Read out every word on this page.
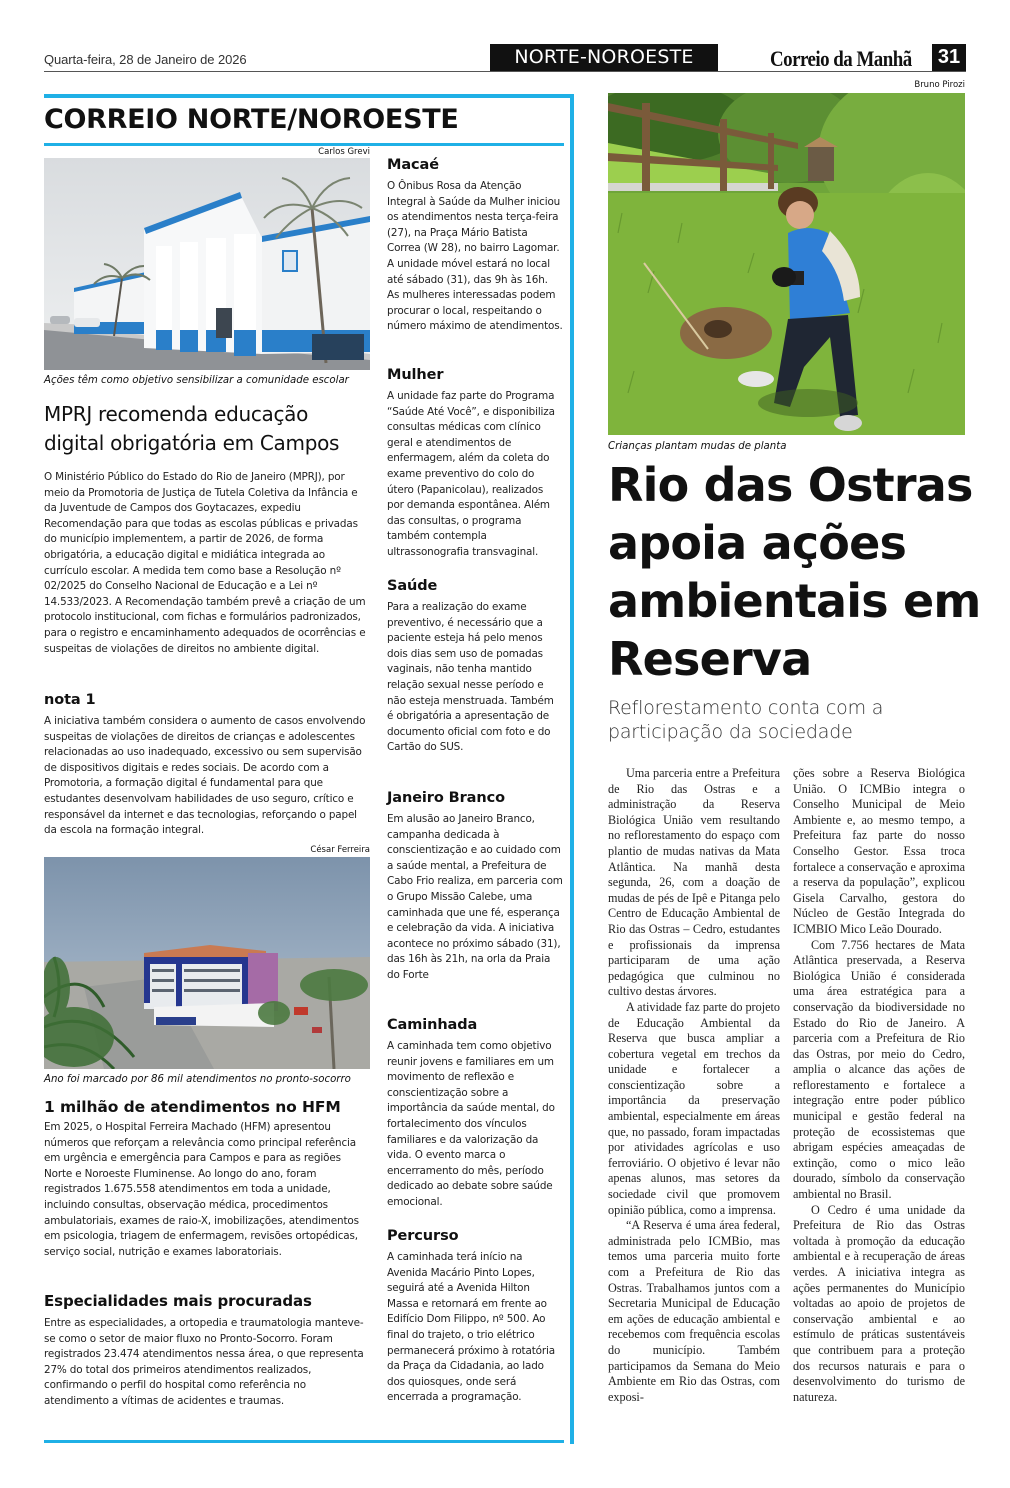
Quarta-feira, 28 de Janeiro de 2026	NORTE-NOROESTE	Correio da Manhã 31
CORREIO NORTE/NOROESTE
Carlos Grevi
Ações têm como objetivo sensibilizar a comunidade escolar
MPRJ recomenda educação digital obrigatória em Campos
O Ministério Público do Estado do Rio de Janeiro (MPRJ), por meio da Promotoria de Justiça de Tutela Coletiva da Infância e da Juventude de Campos dos Goytacazes, expediu Recomendação para que todas as escolas públicas e privadas do município implementem, a partir de 2026, de forma obrigatória, a educação digital e midiática integrada ao currículo escolar. A medida tem como base a Resolução nº 02/2025 do Conselho Nacional de Educação e a Lei nº 14.533/2023. A Recomendação também prevê a criação de um protocolo institucional, com fichas e formulários padronizados, para o registro e encaminhamento adequados de ocorrências e suspeitas de violações de direitos no ambiente digital.
nota 1
A iniciativa também considera o aumento de casos envolvendo suspeitas de violações de direitos de crianças e adolescentes relacionadas ao uso inadequado, excessivo ou sem supervisão de dispositivos digitais e redes sociais. De acordo com a Promotoria, a formação digital é fundamental para que estudantes desenvolvam habilidades de uso seguro, crítico e responsável da internet e das tecnologias, reforçando o papel da escola na formação integral.
César Ferreira
Ano foi marcado por 86 mil atendimentos no pronto-socorro
1 milhão de atendimentos no HFM
Em 2025, o Hospital Ferreira Machado (HFM) apresentou números que reforçam a relevância como principal referência em urgência e emergência para Campos e para as regiões Norte e Noroeste Fluminense. Ao longo do ano, foram registrados 1.675.558 atendimentos em toda a unidade, incluindo consultas, observação médica, procedimentos ambulatoriais, exames de raio-X, imobilizações, atendimentos em psicologia, triagem de enfermagem, revisões ortopédicas, serviço social, nutrição e exames laboratoriais.
Especialidades mais procuradas
Entre as especialidades, a ortopedia e traumatologia manteve-se como o setor de maior fluxo no Pronto-Socorro. Foram registrados 23.474 atendimentos nessa área, o que representa 27% do total dos primeiros atendimentos realizados, confirmando o perfil do hospital como referência no atendimento a vítimas de acidentes e traumas.
Macaé
O Ônibus Rosa da Atenção Integral à Saúde da Mulher iniciou os atendimentos nesta terça-feira (27), na Praça Mário Batista Correa (W 28), no bairro Lagomar. A unidade móvel estará no local até sábado (31), das 9h às 16h. As mulheres interessadas podem procurar o local, respeitando o número máximo de atendimentos.
Mulher
A unidade faz parte do Programa “Saúde Até Você”, e disponibiliza consultas médicas com clínico geral e atendimentos de enfermagem, além da coleta do exame preventivo do colo do útero (Papanicolau), realizados por demanda espontânea. Além das consultas, o programa também contempla ultrassonografia transvaginal.
Saúde
Para a realização do exame preventivo, é necessário que a paciente esteja há pelo menos dois dias sem uso de pomadas vaginais, não tenha mantido relação sexual nesse período e não esteja menstruada. Também é obrigatória a apresentação de documento oficial com foto e do Cartão do SUS.
Janeiro Branco
Em alusão ao Janeiro Branco, campanha dedicada à conscientização e ao cuidado com a saúde mental, a Prefeitura de Cabo Frio realiza, em parceria com o Grupo Missão Calebe, uma caminhada que une fé, esperança e celebração da vida. A iniciativa acontece no próximo sábado (31), das 16h às 21h, na orla da Praia do Forte
Caminhada
A caminhada tem como objetivo reunir jovens e familiares em um movimento de reflexão e conscientização sobre a importância da saúde mental, do fortalecimento dos vínculos familiares e da valorização da vida. O evento marca o encerramento do mês, período dedicado ao debate sobre saúde emocional.
Percurso
A caminhada terá início na Avenida Macário Pinto Lopes, seguirá até a Avenida Hilton Massa e retornará em frente ao Edifício Dom Filippo, nº 500. Ao final do trajeto, o trio elétrico permanecerá próximo à rotatória da Praça da Cidadania, ao lado dos quiosques, onde será encerrada a programação.
Bruno Pirozi
Crianças plantam mudas de planta
Rio das Ostras apoia ações ambientais em Reserva
Reflorestamento conta com a participação da sociedade

Uma parceria entre a Prefeitura de Rio das Ostras e a administração da Reserva Biológica União vem resultando no reflorestamento do espaço com plantio de mudas nativas da Mata Atlântica. Na manhã desta segunda, 26, com a doação de mudas de pés de Ipê e Pitanga pelo Centro de Educação Ambiental de Rio das Ostras – Cedro, estudantes e profissionais da imprensa participaram de uma ação pedagógica que culminou no cultivo destas árvores.

A atividade faz parte do projeto de Educação Ambiental da Reserva que busca ampliar a cobertura vegetal em trechos da unidade e fortalecer a conscientização sobre a importância da preservação ambiental, especialmente em áreas que, no passado, foram impactadas por atividades agrícolas e uso ferroviário. O objetivo é levar não apenas alunos, mas setores da sociedade civil que promovem opinião pública, como a imprensa.

“A Reserva é uma área federal, administrada pelo ICMBio, mas temos uma parceria muito forte com a Prefeitura de Rio das Ostras. Trabalhamos juntos com a Secretaria Municipal de Educação em ações de educação ambiental e recebemos com frequência escolas do município. Também participamos da Semana do Meio Ambiente em Rio das Ostras, com exposi-

ções sobre a Reserva Biológica União. O ICMBio integra o Conselho Municipal de Meio Ambiente e, ao mesmo tempo, a Prefeitura faz parte do nosso Conselho Gestor. Essa troca fortalece a conservação e aproxima a reserva da população”, explicou Gisela Carvalho, gestora do Núcleo de Gestão Integrada do ICMBIO Mico Leão Dourado.

Com 7.756 hectares de Mata Atlântica preservada, a Reserva Biológica União é considerada uma área estratégica para a conservação da biodiversidade no Estado do Rio de Janeiro. A parceria com a Prefeitura de Rio das Ostras, por meio do Cedro, amplia o alcance das ações de reflorestamento e fortalece a integração entre poder público municipal e gestão federal na proteção de ecossistemas que abrigam espécies ameaçadas de extinção, como o mico leão dourado, símbolo da conservação ambiental no Brasil.

O Cedro é uma unidade da Prefeitura de Rio das Ostras voltada à promoção da educação ambiental e à recuperação de áreas verdes. A iniciativa integra as ações permanentes do Município voltadas ao apoio de projetos de conservação ambiental e ao estímulo de práticas sustentáveis que contribuem para a proteção dos recursos naturais e para o desenvolvimento do turismo de natureza.
